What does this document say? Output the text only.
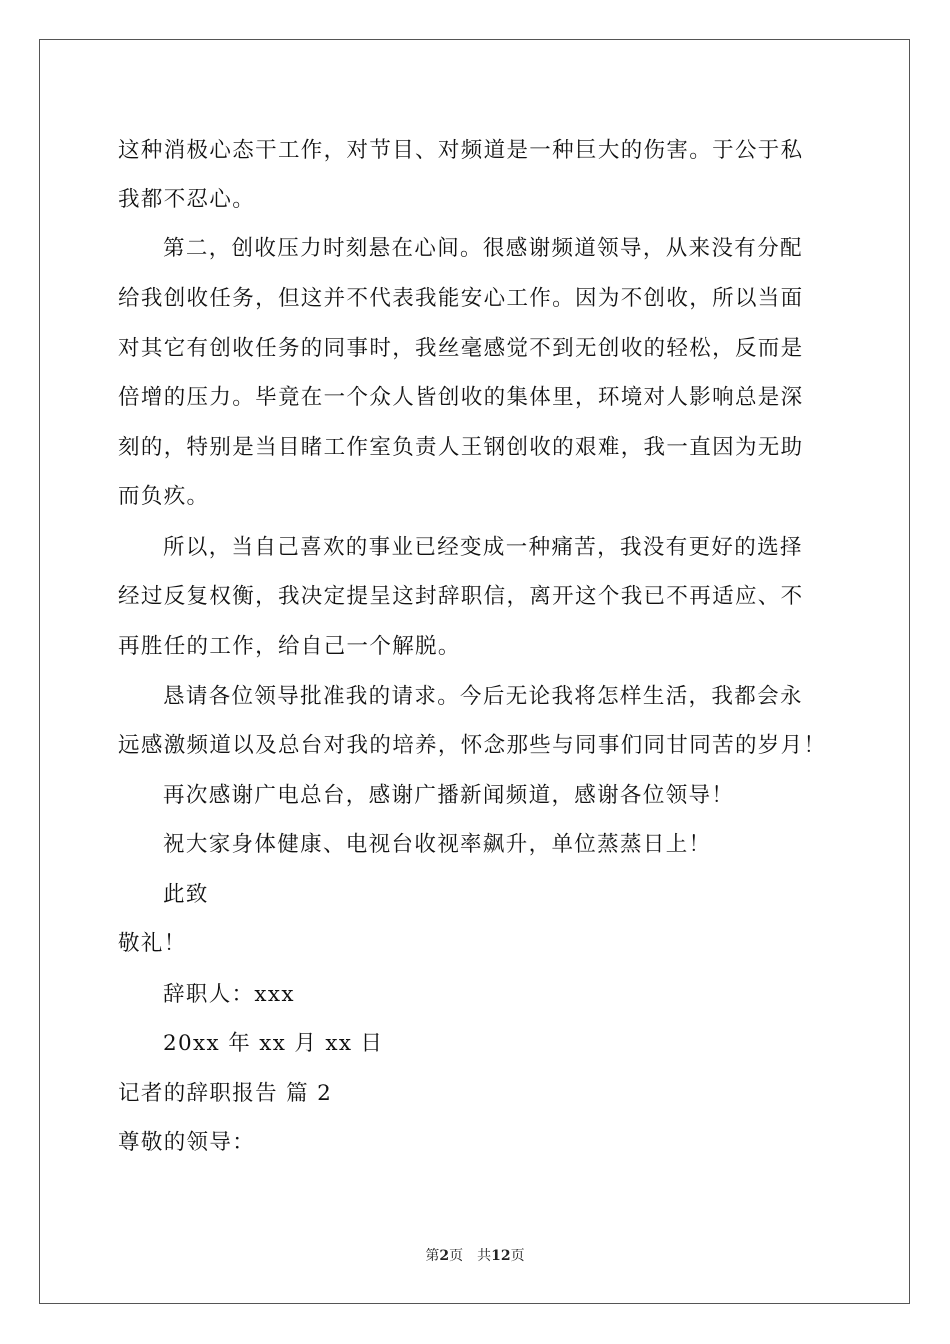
这种消极心态干工作，对节目、对频道是一种巨大的伤害。于公于私
我都不忍心。
第二，创收压力时刻悬在心间。很感谢频道领导，从来没有分配
给我创收任务，但这并不代表我能安心工作。因为不创收，所以当面
对其它有创收任务的同事时，我丝毫感觉不到无创收的轻松，反而是
倍增的压力。毕竟在一个众人皆创收的集体里，环境对人影响总是深
刻的，特别是当目睹工作室负责人王钢创收的艰难，我一直因为无助
而负疚。
所以，当自己喜欢的事业已经变成一种痛苦，我没有更好的选择
经过反复权衡，我决定提呈这封辞职信，离开这个我已不再适应、不
再胜任的工作，给自己一个解脱。
恳请各位领导批准我的请求。今后无论我将怎样生活，我都会永
远感激频道以及总台对我的培养，怀念那些与同事们同甘同苦的岁月！
再次感谢广电总台，感谢广播新闻频道，感谢各位领导！
祝大家身体健康、电视台收视率飙升，单位蒸蒸日上！
此致
敬礼！
辞职人：xxx
20xx 年 xx 月 xx 日
记者的辞职报告 篇 2
尊敬的领导：
第2页 共12页
